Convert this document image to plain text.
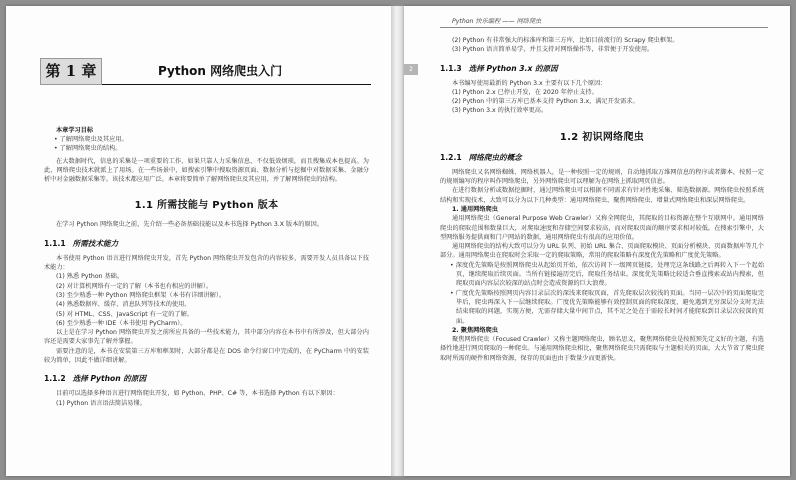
第 1 章	Python 网络爬虫入门

本章学习目标

• 了解网络爬虫及其应用。

• 了解网络爬虫的结构。

在大数据时代，信息的采集是一项重要的工作，如果只靠人力采集信息，不仅低效烦琐，而且搜集成本也提高。为此，网络爬虫技术就派上了用场。在一些场景中，如搜索引擎中搜取资源页面、数据分析与挖掘中对数据采集、金融分析中对金融数据采集等。该技术都应用广泛。本章将要简单了解网络爬虫及其应用，并了解网络爬虫的结构。

1.1 所需技能与 Python 版本

在学习 Python 网络爬虫之前，先介绍一些必备基础技能以及本书选择 Python 3.X 版本的原因。

1.1.1 所需技术能力

本书使用 Python 语言进行网络爬虫开发，首先 Python 网络爬虫开发包含的内容较多，需要开发人员具备以下技术能力：

(1) 熟悉 Python 基础。

(2) 对计算机网络有一定的了解（本书也有相应的讲解）。

(3) 至少熟悉一种 Python 网络爬虫框架（本书有详细讲解）。

(4) 熟悉数据库、缓存、消息队列等技术的使用。

(5) 对 HTML、CSS、JavaScript 有一定的了解。

(6) 至少熟悉一种 IDE（本书使用 PyCharm）。

以上是在学习 Python 网络爬虫开发之前所应具备的一些技术能力，其中部分内容在本书中有所涉及，但大部分内容还是需要大家事先了解并掌握。

需要注意的是，本书在安装第三方库和框架时，大部分都是在 DOS 命令行窗口中完成的，在 PyCharm 中的安装较为简单，因此不做详细讲解。

1.1.2 选择 Python 的原因

目前可以选择多种语言进行网络爬虫开发，如 Python、PHP、C# 等，本书选择 Python 有以下原因：

(1) Python 语言语法简洁易懂。

Python 快乐编程 —— 网络爬虫
2

(2) Python 有非常强大的标准库和第三方库，比如目前流行的 Scrapy 爬虫框架。

(3) Python 语言简单易学，并且支持对网络操作等，非常便于开发使用。

1.1.3 选择 Python 3.x 的原因

本书编写使用最新的 Python 3.x 主要有以下几个原因：

(1) Python 2.x 已停止开发，在 2020 年停止支持。

(2) Python 中的第三方库已基本支持 Python 3.x，满足开发需求。

(3) Python 3.x 的执行效率更高。

1.2 初识网络爬虫
1.2.1 网络爬虫的概念

网络爬虫又名网络蜘蛛、网络机器人，是一种按照一定的规则，自动地抓取万维网信息的程序或者脚本，按照一定的规则编写的程序叫作网络爬虫，另外网络爬虫可以理解为在网络上抓取网页信息。

在进行数据分析或数据挖掘时，通过网络爬虫可以根据不同需求有针对性地采集、筛选数据源。网络爬虫按照系统结构和实现技术，大致可以分为以下几种类型：通用网络爬虫、聚焦网络爬虫、增量式网络爬虫和深层网络爬虫。

1. 通用网络爬虫

通用网络爬虫（General Purpose Web Crawler）又称全网爬虫，其爬取的目标资源在整个互联网中。通用网络爬虫的爬取范围和数量巨大，对爬取速度和存储空间要求较高，而对爬取页面的顺序要求相对较低。在搜索引擎中，大型网络服务提供商和门户网站的数据，通用网络爬虫有很高的应用价值。

通用网络爬虫的结构大致可以分为 URL 队列、初始 URL 集合、页面爬取模块、页面分析模块、页面数据库等几个部分。通用网络爬虫在爬取时会采取一定的爬取策略，常用的爬取策略有深度优先策略和广度优先策略。

• 深度优先策略是按照网络爬虫从起始页开始，依次访问下一级网页链接，处理完这条线路之后再转入下一个起始页，继续爬取后续页面。当所有链接遍历完后，爬取任务结束。深度优先策略比较适合垂直搜索或站内搜索，但爬取页面内容层次较深的站点时会造成资源的巨大浪费。

• 广度优先策略按照网页内容目录层次的深浅来爬取页面，首先爬取层次较浅的页面。当同一层次中的页面爬取完毕后，爬虫再深入下一层继续爬取。广度优先策略能够有效控制页面的爬取深度，避免遇到无穷深层分支时无法结束爬取的问题，实现方便，无需存储大量中间节点，其不足之处在于需较长时间才能爬取到目录层次较深的页面。

2. 聚焦网络爬虫

聚焦网络爬虫（Focused Crawler）又称主题网络爬虫，顾名思义，聚焦网络爬虫是按照预先定义好的主题，有选择性地进行网页爬取的一种爬虫。与通用网络爬虫相比，聚焦网络爬虫只需爬取与主题相关的页面，大大节省了爬虫爬取时所需的硬件和网络资源，保存的页面也由于数量少而更新快。
